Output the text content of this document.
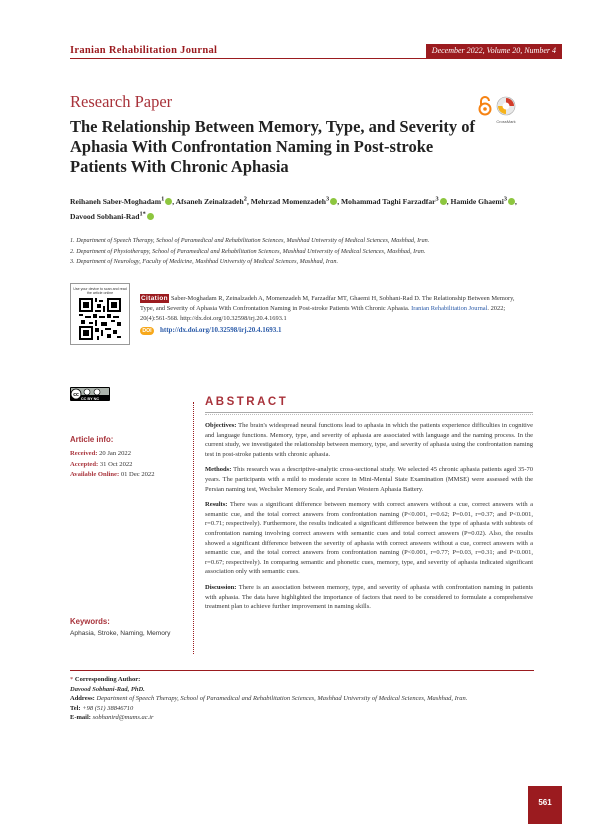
Iranian Rehabilitation Journal	December 2022, Volume 20, Number 4
Research Paper
CrossMark
The Relationship Between Memory, Type, and Severity of Aphasia With Confrontation Naming in Post-stroke Patients With Chronic Aphasia
Reihaneh Saber-Moghadam$^1$ , Afsaneh Zeinalzadeh$^2$, Mehrzad Momenzadeh$^3$ , Mohammad Taghi Farzadfar$^3$ , Hamide Ghaemi$^3$ ,
Davood Sobhani-Rad$^{1*}$
1. Department of Speech Therapy, School of Paramedical and Rehabilitation Sciences, Mashhad University of Medical Sciences, Mashhad, Iran.
2. Department of Physiotherapy, School of Paramedical and Rehabilitation Sciences, Mashhad University of Medical Sciences, Mashhad, Iran.
3. Department of Neurology, Faculty of Medicine, Mashhad University of Medical Sciences, Mashhad, Iran.
Use your device to scan and read the article online
Citation Saber-Moghadam R, Zeinalzadeh A, Momenzadeh M, Farzadfar MT, Ghaemi H, Sobhani-Rad D. The Relationship Between Memory, Type, and Severity of Aphasia With Confrontation Naming in Post-stroke Patients With Chronic Aphasia. Iranian Rehabilitation Journal. 2022; 20(4):561-568. http://dx.doi.org/10.32598/irj.20.4.1693.1
DOI	http://dx.doi.org/10.32598/irj.20.4.1693.1
cc
CC BY NC	ABSTRACT
Article info:
Received: 20 Jan 2022
Accepted: 31 Oct 2022
Available Online: 01 Dec 2022
Keywords:
Aphasia, Stroke, Naming, Memory

Objectives: The brain's widespread neural functions lead to aphasia in which the patients experience difficulties in cognitive and language functions. Memory, type, and severity of aphasia are associated with language and the naming process. In the current study, we investigated the relationship between memory, type, and severity of aphasia using the confrontation naming test in post-stroke patients with chronic aphasia.

Methods: This research was a descriptive-analytic cross-sectional study. We selected 45 chronic aphasia patients aged 35-70 years. The participants with a mild to moderate score in Mini-Mental State Examination (MMSE) were assessed with the Persian naming test, Wechsler Memory Scale, and Persian Western Aphasia Battery.

Results: There was a significant difference between memory with correct answers without a cue, correct answers with a semantic cue, and the total correct answers from confrontation naming (P<0.001, r=0.62; P=0.01, r=0.37; and P<0.001, r=0.71; respectively). Furthermore, the results indicated a significant difference between the type of aphasia with subtests of confrontation naming involving correct answers with semantic cues and total correct answers (P=0.02). Also, the results showed a significant difference between the severity of aphasia with correct answers without a cue, correct answers with a semantic cue, and the total correct answers from confrontation naming (P<0.001, r=0.77; P=0.03, r=0.31; and P<0.001, r=0.67; respectively). In comparing semantic and phonetic cues, memory, type, and severity of aphasia indicated significant association only with semantic cues.

Discussion: There is an association between memory, type, and severity of aphasia with confrontation naming in patients with aphasia. The data have highlighted the importance of factors that need to be considered to formulate a comprehensive treatment plan to achieve further improvement in naming skills.

* Corresponding Author:
Davood Sobhani-Rad, PhD.
Address: Department of Speech Therapy, School of Paramedical and Rehabilitation Sciences, Mashhad University of Medical Sciences, Mashhad, Iran.
Tel: +98 (51) 38846710
E-mail: sobhanird@mums.ac.ir
561
